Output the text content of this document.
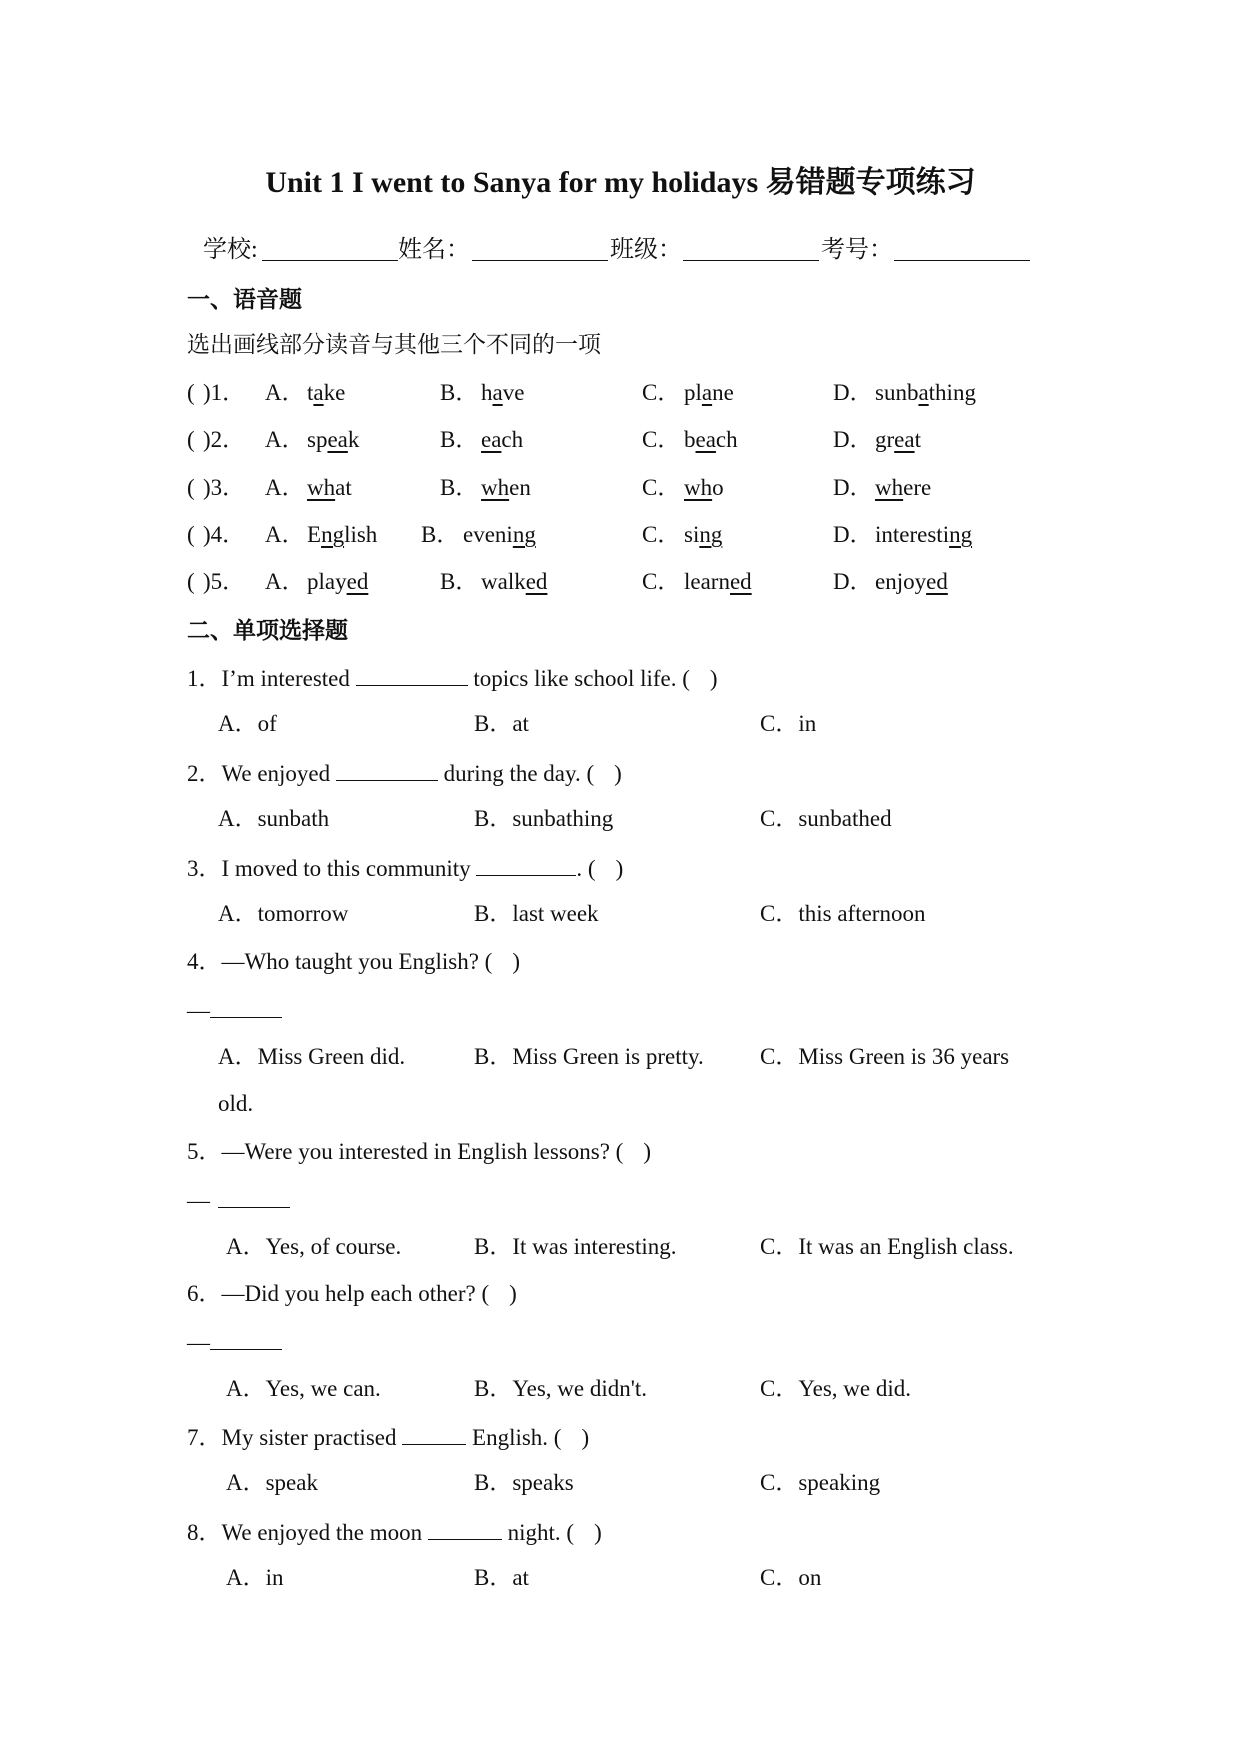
Unit 1 I went to Sanya for my holidays 易错题专项练习
学校:	姓名：	班级：	考号：
一、语音题
选出画线部分读音与其他三个不同的一项
( )1． A． take	B． have	C． plane	D． sunbathing
( )2． A． speak	B． each	C． beach	D． great
( )3． A． what	B． when	C． who	D． where
( )4． A． English B． evening	C． sing	D． interesting
( )5． A． played	B． walked	C． learned	D． enjoyed
二、单项选择题
1．I’m interested	topics like school life. ( )
A．of	B．at	C．in
2．We enjoyed	during the day. ( )
A．sunbath	B．sunbathing	C．sunbathed
3．I moved to this community	. ( )
A．tomorrow	B．last week	C．this afternoon
4．—Who taught you English? ( )
—
A．Miss Green did.	B．Miss Green is pretty. C．Miss Green is 36 years
old.
5．—Were you interested in English lessons? ( )
—
A．Yes, of course.	B．It was interesting.	C．It was an English class.
6．—Did you help each other? ( )
—
A．Yes, we can.	B．Yes, we didn't.	C．Yes, we did.
7．My sister practised	English. ( )
A．speak	B．speaks	C．speaking
8．We enjoyed the moon	night. ( )
A．in	B．at	C．on
